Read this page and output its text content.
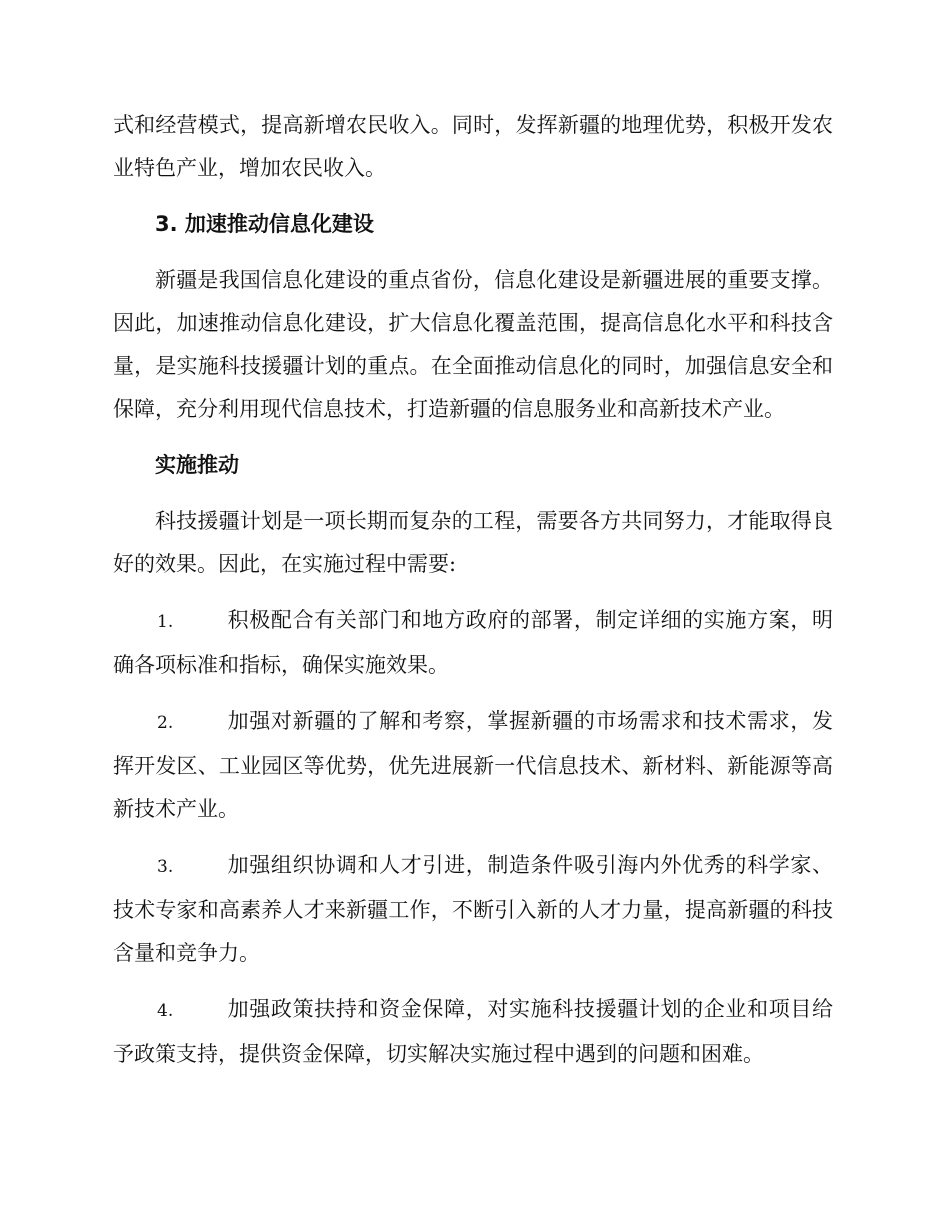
式和经营模式，提高新增农民收入。同时，发挥新疆的地理优势，积极开发农业特色产业，增加农民收入。

3. 加速推动信息化建设

新疆是我国信息化建设的重点省份，信息化建设是新疆进展的重要支撑。因此，加速推动信息化建设，扩大信息化覆盖范围，提高信息化水平和科技含量，是实施科技援疆计划的重点。在全面推动信息化的同时，加强信息安全和保障，充分利用现代信息技术，打造新疆的信息服务业和高新技术产业。

实施推动

科技援疆计划是一项长期而复杂的工程，需要各方共同努力，才能取得良好的效果。因此，在实施过程中需要:

1.	积极配合有关部门和地方政府的部署，制定详细的实施方案，明确各项标准和指标，确保实施效果。
2.	加强对新疆的了解和考察，掌握新疆的市场需求和技术需求，发挥开发区、工业园区等优势，优先进展新一代信息技术、新材料、新能源等高新技术产业。
3.	加强组织协调和人才引进，制造条件吸引海内外优秀的科学家、技术专家和高素养人才来新疆工作，不断引入新的人才力量，提高新疆的科技含量和竞争力。
4.	加强政策扶持和资金保障，对实施科技援疆计划的企业和项目给予政策支持，提供资金保障，切实解决实施过程中遇到的问题和困难。
